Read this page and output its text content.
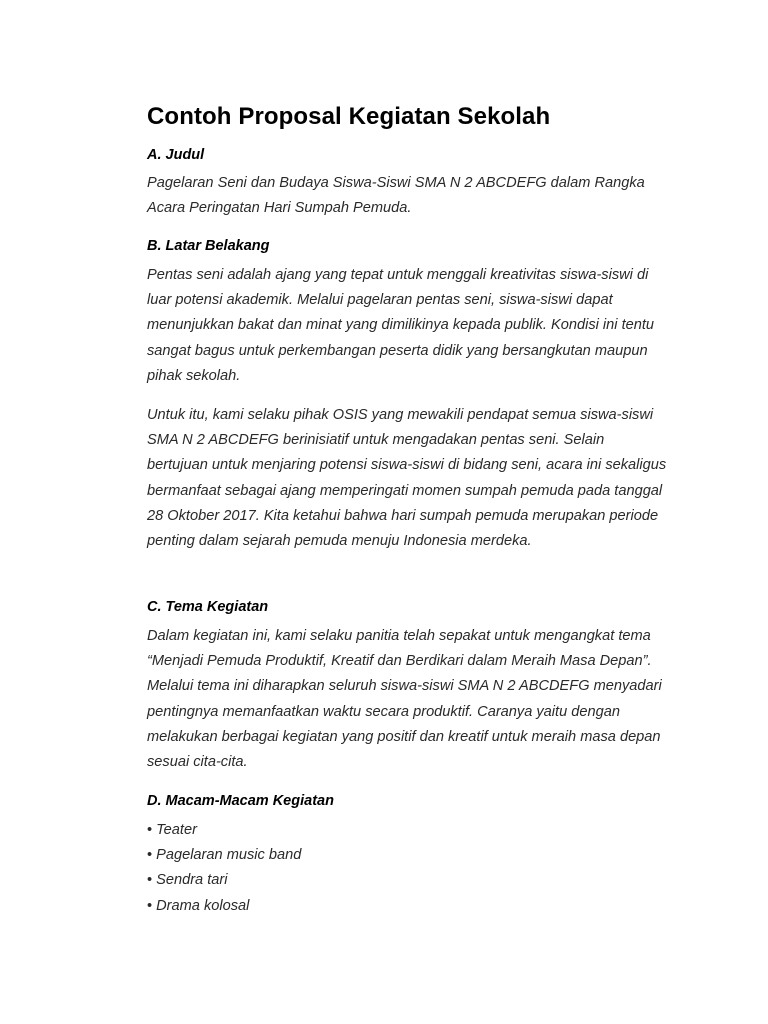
Contoh Proposal Kegiatan Sekolah
A. Judul

Pagelaran Seni dan Budaya Siswa-Siswi SMA N 2 ABCDEFG dalam Rangka Acara Peringatan Hari Sumpah Pemuda.

B. Latar Belakang

Pentas seni adalah ajang yang tepat untuk menggali kreativitas siswa-siswi di luar potensi akademik. Melalui pagelaran pentas seni, siswa-siswi dapat menunjukkan bakat dan minat yang dimilikinya kepada publik. Kondisi ini tentu sangat bagus untuk perkembangan peserta didik yang bersangkutan maupun pihak sekolah.

Untuk itu, kami selaku pihak OSIS yang mewakili pendapat semua siswa-siswi SMA N 2 ABCDEFG berinisiatif untuk mengadakan pentas seni. Selain bertujuan untuk menjaring potensi siswa-siswi di bidang seni, acara ini sekaligus bermanfaat sebagai ajang memperingati momen sumpah pemuda pada tanggal 28 Oktober 2017. Kita ketahui bahwa hari sumpah pemuda merupakan periode penting dalam sejarah pemuda menuju Indonesia merdeka.

C. Tema Kegiatan

Dalam kegiatan ini, kami selaku panitia telah sepakat untuk mengangkat tema “Menjadi Pemuda Produktif, Kreatif dan Berdikari dalam Meraih Masa Depan”. Melalui tema ini diharapkan seluruh siswa-siswi SMA N 2 ABCDEFG menyadari pentingnya memanfaatkan waktu secara produktif. Caranya yaitu dengan melakukan berbagai kegiatan yang positif dan kreatif untuk meraih masa depan sesuai cita-cita.

D. Macam-Macam Kegiatan
• Teater
• Pagelaran music band
• Sendra tari
• Drama kolosal
